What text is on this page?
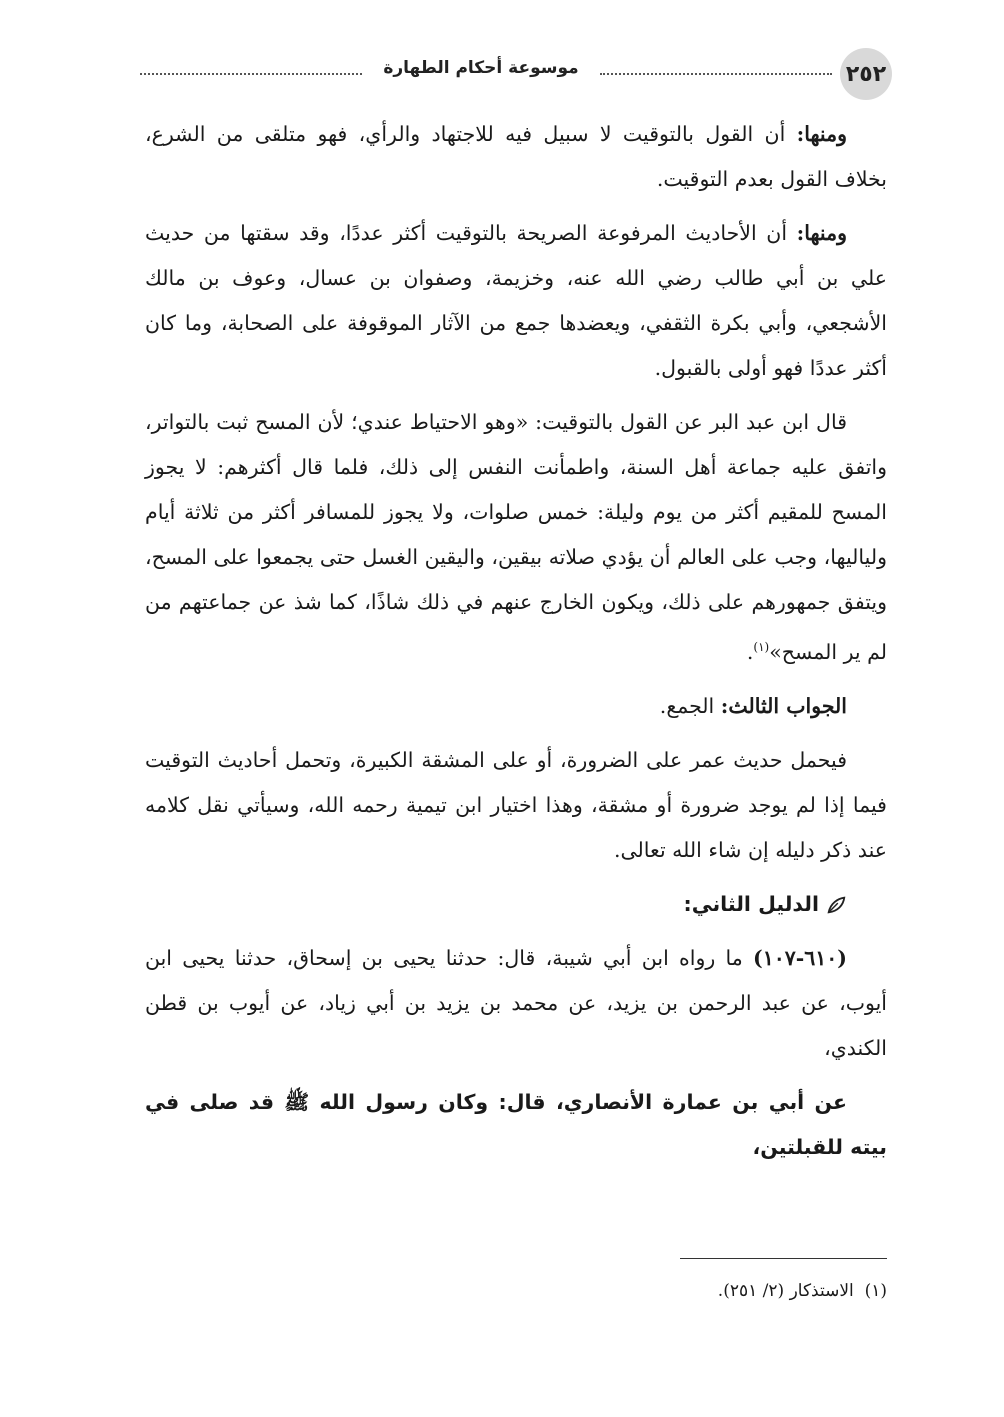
٢٥٢
موسوعة أحكام الطهارة

ومنها: أن القول بالتوقيت لا سبيل فيه للاجتهاد والرأي، فهو متلقى من الشرع، بخلاف القول بعدم التوقيت.

ومنها: أن الأحاديث المرفوعة الصريحة بالتوقيت أكثر عددًا، وقد سقتها من حديث علي بن أبي طالب رضي الله عنه، وخزيمة، وصفوان بن عسال، وعوف بن مالك الأشجعي، وأبي بكرة الثقفي، ويعضدها جمع من الآثار الموقوفة على الصحابة، وما كان أكثر عددًا فهو أولى بالقبول.

قال ابن عبد البر عن القول بالتوقيت: «وهو الاحتياط عندي؛ لأن المسح ثبت بالتواتر، واتفق عليه جماعة أهل السنة، واطمأنت النفس إلى ذلك، فلما قال أكثرهم: لا يجوز المسح للمقيم أكثر من يوم وليلة: خمس صلوات، ولا يجوز للمسافر أكثر من ثلاثة أيام ولياليها، وجب على العالم أن يؤدي صلاته بيقين، واليقين الغسل حتى يجمعوا على المسح، ويتفق جمهورهم على ذلك، ويكون الخارج عنهم في ذلك شاذًا، كما شذ عن جماعتهم من لم ير المسح»$^{(١)}$.

الجواب الثالث: الجمع.

فيحمل حديث عمر على الضرورة، أو على المشقة الكبيرة، وتحمل أحاديث التوقيت فيما إذا لم يوجد ضرورة أو مشقة، وهذا اختيار ابن تيمية رحمه الله، وسيأتي نقل كلامه عند ذكر دليله إن شاء الله تعالى.

الدليل الثاني:

(٦١٠-١٠٧) ما رواه ابن أبي شيبة، قال: حدثنا يحيى بن إسحاق، حدثنا يحيى ابن أيوب، عن عبد الرحمن بن يزيد، عن محمد بن يزيد بن أبي زياد، عن أيوب بن قطن الكندي،

عن أبي بن عمارة الأنصاري، قال: وكان رسول الله ﷺ قد صلى في بيته للقبلتين،

(١)  الاستذكار (٢/ ٢٥١).
